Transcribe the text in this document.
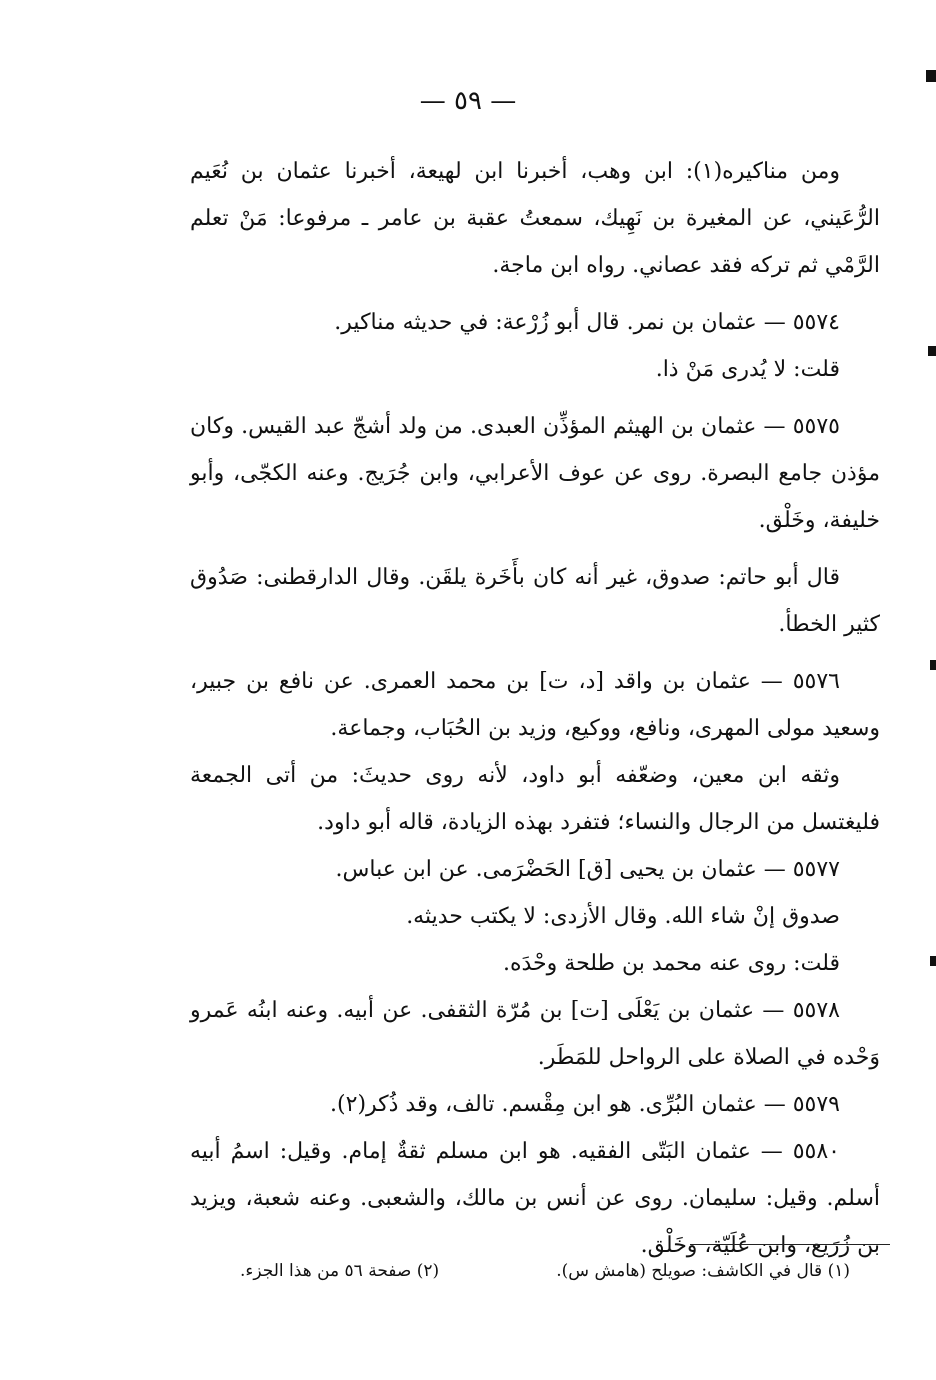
— ٥٩ —

ومن مناكيره(١): ابن وهب، أخبرنا ابن لهيعة، أخبرنا عثمان بن نُعَيم الرُّعَيني، عن المغيرة بن نَهِيك، سمعتُ عقبة بن عامر ـ مرفوعا: مَنْ تعلم الرَّمْي ثم تركه فقد عصاني. رواه ابن ماجة.

٥٥٧٤ — عثمان بن نمر. قال أبو زُرْعة: في حديثه مناكير.

قلت: لا يُدرى مَنْ ذا.

٥٥٧٥ — عثمان بن الهيثم المؤذِّن العبدى. من ولد أشجّ عبد القيس. وكان مؤذن جامع البصرة. روى عن عوف الأعرابي، وابن جُرَيج. وعنه الكجّى، وأبو خليفة، وخَلْق.

قال أبو حاتم: صدوق، غير أنه كان بأَخَرة يلقَن. وقال الدارقطنى: صَدُوق كثير الخطأ.

٥٥٧٦ — عثمان بن واقد [د، ت] بن محمد العمرى. عن نافع بن جبير، وسعيد مولى المهرى، ونافع، ووكيع، وزيد بن الحُبَاب، وجماعة.

وثقه ابن معين، وضعّفه أبو داود، لأنه روى حديثَ: من أتى الجمعة فليغتسل من الرجال والنساء؛ فتفرد بهذه الزيادة، قاله أبو داود.

٥٥٧٧ — عثمان بن يحيى [ق] الحَضْرَمى. عن ابن عباس.

صدوق إنْ شاء الله. وقال الأزدى: لا يكتب حديثه.

قلت: روى عنه محمد بن طلحة وحْدَه.

٥٥٧٨ — عثمان بن يَعْلَى [ت] بن مُرّة الثقفى. عن أبيه. وعنه ابنُه عَمرو وَحْده في الصلاة على الرواحل للمَطَر.

٥٥٧٩ — عثمان البُرِّى. هو ابن مِقْسم. تالف، وقد ذُكر(٢).

٥٥٨٠ — عثمان البَتّى الفقيه. هو ابن مسلم ثقةٌ إمام. وقيل: اسمُ أبيه أسلم. وقيل: سليمان. روى عن أنس بن مالك، والشعبى. وعنه شعبة، ويزيد بن زُرَيع، وابن عُلَيّة، وخَلْق.

(١) قال في الكاشف: صويلح (هامش س).
(٢) صفحة ٥٦ من هذا الجزء.
